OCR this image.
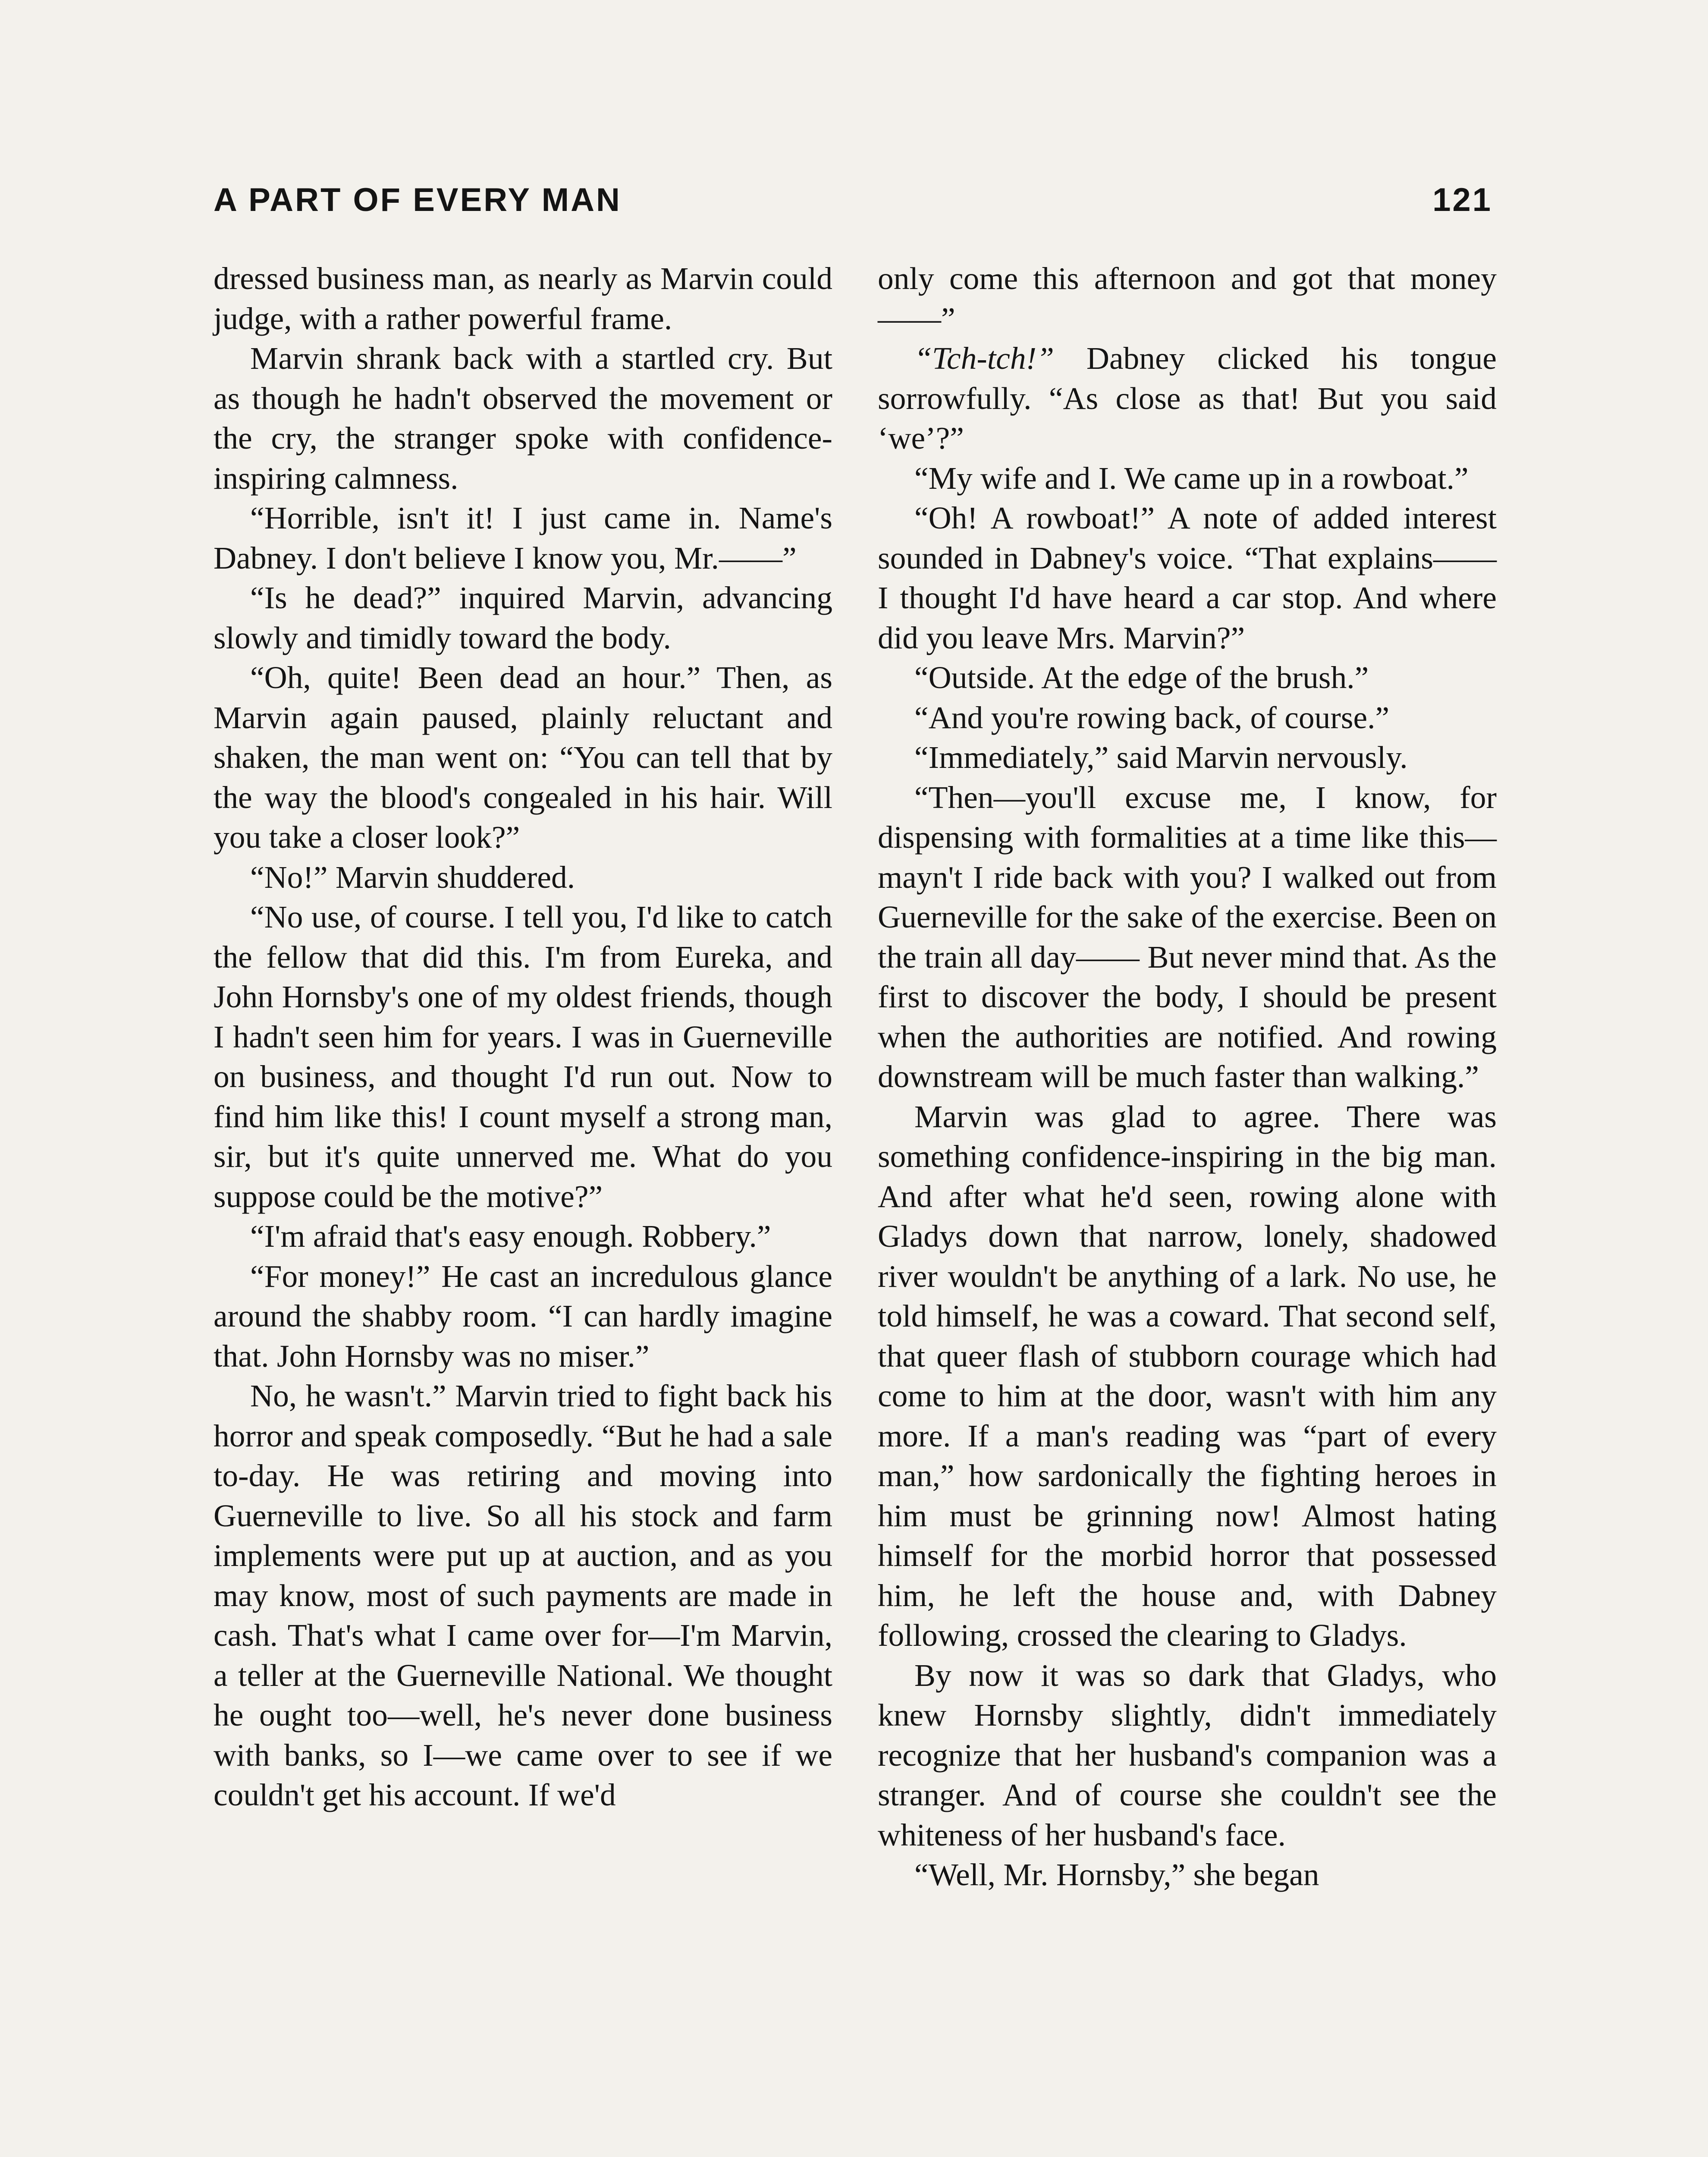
A PART OF EVERY MAN	121

dressed business man, as nearly as Marvin could judge, with a rather powerful frame.

Marvin shrank back with a startled cry. But as though he hadn't observed the movement or the cry, the stranger spoke with confidence-inspiring calmness.

“Horrible, isn't it! I just came in. Name's Dabney. I don't believe I know you, Mr.——”

“Is he dead?” inquired Marvin, advancing slowly and timidly toward the body.

“Oh, quite! Been dead an hour.” Then, as Marvin again paused, plainly reluctant and shaken, the man went on: “You can tell that by the way the blood's congealed in his hair. Will you take a closer look?”

“No!” Marvin shuddered.

“No use, of course. I tell you, I'd like to catch the fellow that did this. I'm from Eureka, and John Hornsby's one of my oldest friends, though I hadn't seen him for years. I was in Guerneville on business, and thought I'd run out. Now to find him like this! I count myself a strong man, sir, but it's quite unnerved me. What do you suppose could be the motive?”

“I'm afraid that's easy enough. Robbery.”

“For money!” He cast an incredulous glance around the shabby room. “I can hardly imagine that. John Hornsby was no miser.”

No, he wasn't.” Marvin tried to fight back his horror and speak composedly. “But he had a sale to-day. He was retiring and moving into Guerneville to live. So all his stock and farm implements were put up at auction, and as you may know, most of such payments are made in cash. That's what I came over for—I'm Marvin, a teller at the Guerneville National. We thought he ought too—well, he's never done business with banks, so I—we came over to see if we couldn't get his account. If we'd

only come this afternoon and got that money——”

“Tch-tch!” Dabney clicked his tongue sorrowfully. “As close as that! But you said ‘we’?”

“My wife and I. We came up in a rowboat.”

“Oh! A rowboat!” A note of added interest sounded in Dabney's voice. “That explains—— I thought I'd have heard a car stop. And where did you leave Mrs. Marvin?”

“Outside. At the edge of the brush.”

“And you're rowing back, of course.”

“Immediately,” said Marvin nervously.

“Then—you'll excuse me, I know, for dispensing with formalities at a time like this—mayn't I ride back with you? I walked out from Guerneville for the sake of the exercise. Been on the train all day—— But never mind that. As the first to discover the body, I should be present when the authorities are notified. And rowing downstream will be much faster than walking.”

Marvin was glad to agree. There was something confidence-inspiring in the big man. And after what he'd seen, rowing alone with Gladys down that narrow, lonely, shadowed river wouldn't be anything of a lark. No use, he told himself, he was a coward. That second self, that queer flash of stubborn courage which had come to him at the door, wasn't with him any more. If a man's reading was “part of every man,” how sardonically the fighting heroes in him must be grinning now! Almost hating himself for the morbid horror that possessed him, he left the house and, with Dabney following, crossed the clearing to Gladys.

By now it was so dark that Gladys, who knew Hornsby slightly, didn't immediately recognize that her husband's companion was a stranger. And of course she couldn't see the whiteness of her husband's face.

“Well, Mr. Hornsby,” she began
